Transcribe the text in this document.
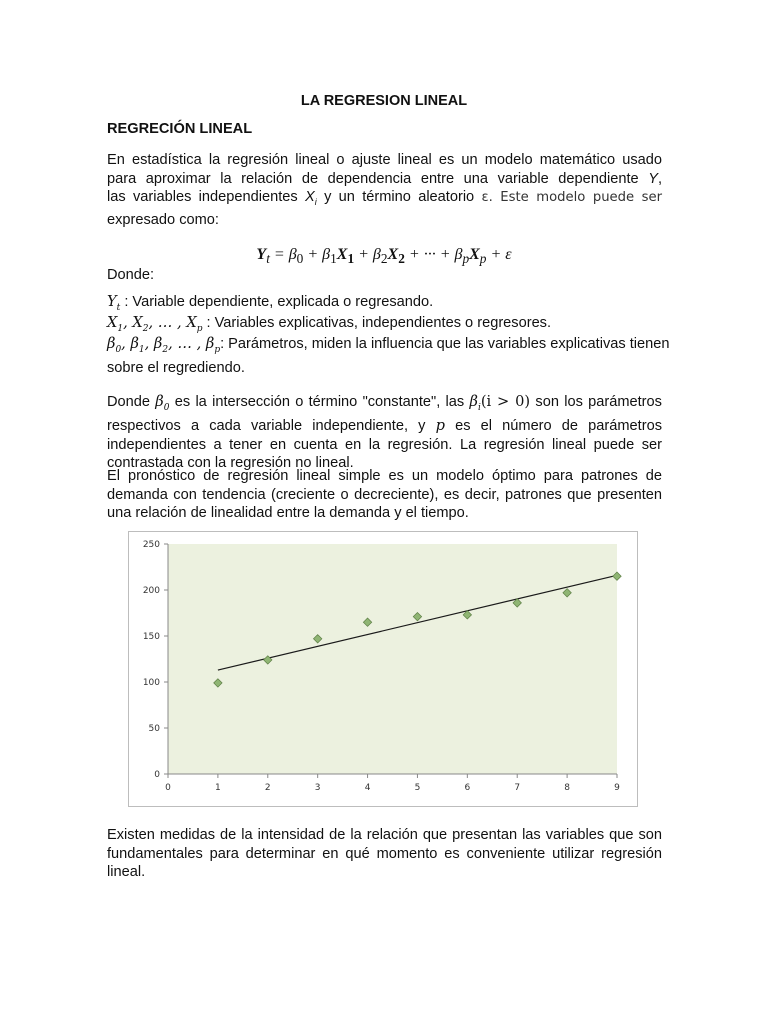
LA REGRESION LINEAL
REGRECIÓN LINEAL
En estadística la regresión lineal o ajuste lineal es un modelo matemático usado
para aproximar la relación de dependencia entre una variable dependiente Y,
las variables independientes $X_i$ y un término aleatorio ε. Este modelo puede ser
expresado como:
$Y_t = \beta_0 + \beta_1X_1 + \beta_2X_2$ + ··· + $\beta_pX_p + \varepsilon$
Donde:
$Y_t$ : Variable dependiente, explicada o regresando.
$X_1$, $X_2$, … , $X_p$ : Variables explicativas, independientes o regresores.
$\beta_0$, $\beta_1$, $\beta_2$, … , $\beta_p$: Parámetros, miden la influencia que las variables explicativas tienen
sobre el regrediendo.
Donde $\beta_0$ es la intersección o término "constante", las $\beta_i(i > 0)$ son los parámetros
respectivos a cada variable independiente, y p es el número de parámetros
independientes a tener en cuenta en la regresión. La regresión lineal puede ser
contrastada con la regresión no lineal.
El pronóstico de regresión lineal simple es un modelo óptimo para patrones de
demanda con tendencia (creciente o decreciente), es decir, patrones que presenten
una relación de linealidad entre la demanda y el tiempo.
0
50
100
150
200
250
0	1	2	3	4	5	6	7	8	9
Existen medidas de la intensidad de la relación que presentan las variables que son
fundamentales para determinar en qué momento es conveniente utilizar regresión
lineal.
